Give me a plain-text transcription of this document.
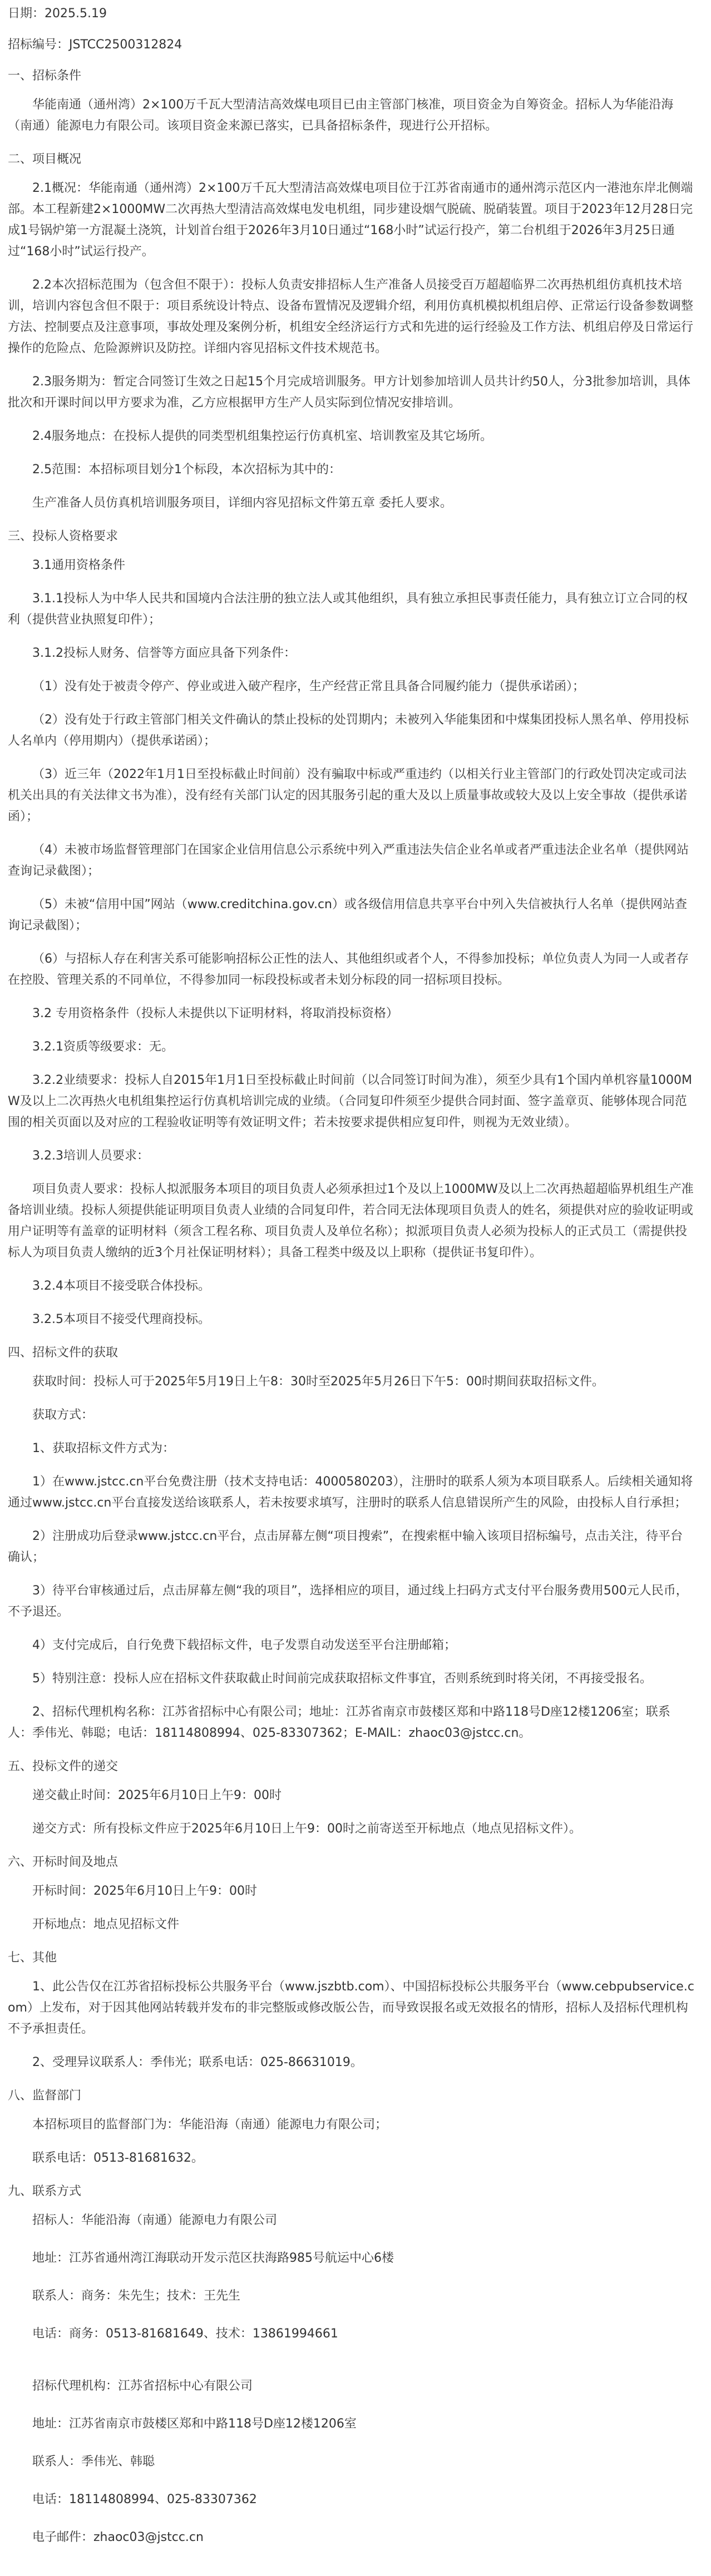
日期：2025.5.19

招标编号：JSTCC2500312824

一、招标条件

华能南通（通州湾）2×100万千瓦大型清洁高效煤电项目已由主管部门核准，项目资金为自筹资金。招标人为华能沿海（南通）能源电力有限公司。该项目资金来源已落实，已具备招标条件，现进行公开招标。

二、项目概况

2.1概况：华能南通（通州湾）2×100万千瓦大型清洁高效煤电项目位于江苏省南通市的通州湾示范区内一港池东岸北侧端部。本工程新建2×1000MW二次再热大型清洁高效煤电发电机组，同步建设烟气脱硫、脱硝装置。项目于2023年12月28日完成1号锅炉第一方混凝土浇筑，计划首台组于2026年3月10日通过“168小时”试运行投产，第二台机组于2026年3月25日通过“168小时”试运行投产。

2.2本次招标范围为（包含但不限于）：投标人负责安排招标人生产准备人员接受百万超超临界二次再热机组仿真机技术培训，培训内容包含但不限于：项目系统设计特点、设备布置情况及逻辑介绍，利用仿真机模拟机组启停、正常运行设备参数调整方法、控制要点及注意事项，事故处理及案例分析，机组安全经济运行方式和先进的运行经验及工作方法、机组启停及日常运行操作的危险点、危险源辨识及防控。详细内容见招标文件技术规范书。

2.3服务期为：暂定合同签订生效之日起15个月完成培训服务。甲方计划参加培训人员共计约50人，分3批参加培训，具体批次和开课时间以甲方要求为准，乙方应根据甲方生产人员实际到位情况安排培训。

2.4服务地点：在投标人提供的同类型机组集控运行仿真机室、培训教室及其它场所。

2.5范围：本招标项目划分1个标段，本次招标为其中的：

生产准备人员仿真机培训服务项目，详细内容见招标文件第五章 委托人要求。

三、投标人资格要求

3.1通用资格条件

3.1.1投标人为中华人民共和国境内合法注册的独立法人或其他组织，具有独立承担民事责任能力，具有独立订立合同的权利（提供营业执照复印件）；

3.1.2投标人财务、信誉等方面应具备下列条件：

（1）没有处于被责令停产、停业或进入破产程序，生产经营正常且具备合同履约能力（提供承诺函）；

（2）没有处于行政主管部门相关文件确认的禁止投标的处罚期内；未被列入华能集团和中煤集团投标人黑名单、停用投标人名单内（停用期内）（提供承诺函）；

（3）近三年（2022年1月1日至投标截止时间前）没有骗取中标或严重违约（以相关行业主管部门的行政处罚决定或司法机关出具的有关法律文书为准），没有经有关部门认定的因其服务引起的重大及以上质量事故或较大及以上安全事故（提供承诺函）；

（4）未被市场监督管理部门在国家企业信用信息公示系统中列入严重违法失信企业名单或者严重违法企业名单（提供网站查询记录截图）；

（5）未被“信用中国”网站（www.creditchina.gov.cn）或各级信用信息共享平台中列入失信被执行人名单（提供网站查询记录截图）；

（6）与招标人存在利害关系可能影响招标公正性的法人、其他组织或者个人，不得参加投标；单位负责人为同一人或者存在控股、管理关系的不同单位，不得参加同一标段投标或者未划分标段的同一招标项目投标。

3.2 专用资格条件（投标人未提供以下证明材料，将取消投标资格）

3.2.1资质等级要求：无。

3.2.2业绩要求：投标人自2015年1月1日至投标截止时间前（以合同签订时间为准），须至少具有1个国内单机容量1000MW及以上二次再热火电机组集控运行仿真机培训完成的业绩。（合同复印件须至少提供合同封面、签字盖章页、能够体现合同范围的相关页面以及对应的工程验收证明等有效证明文件；若未按要求提供相应复印件，则视为无效业绩）。

3.2.3培训人员要求：

项目负责人要求：投标人拟派服务本项目的项目负责人必须承担过1个及以上1000MW及以上二次再热超超临界机组生产准备培训业绩。投标人须提供能证明项目负责人业绩的合同复印件，若合同无法体现项目负责人的姓名，须提供对应的验收证明或用户证明等有盖章的证明材料（须含工程名称、项目负责人及单位名称）；拟派项目负责人必须为投标人的正式员工（需提供投标人为项目负责人缴纳的近3个月社保证明材料）；具备工程类中级及以上职称（提供证书复印件）。

3.2.4本项目不接受联合体投标。

3.2.5本项目不接受代理商投标。

四、招标文件的获取

获取时间：投标人可于2025年5月19日上午8：30时至2025年5月26日下午5：00时期间获取招标文件。

获取方式：

1、获取招标文件方式为：

1）在www.jstcc.cn平台免费注册（技术支持电话：4000580203），注册时的联系人须为本项目联系人。后续相关通知将通过www.jstcc.cn平台直接发送给该联系人，若未按要求填写，注册时的联系人信息错误所产生的风险，由投标人自行承担；

2）注册成功后登录www.jstcc.cn平台，点击屏幕左侧“项目搜索”，在搜索框中输入该项目招标编号，点击关注，待平台确认；

3）待平台审核通过后，点击屏幕左侧“我的项目”，选择相应的项目，通过线上扫码方式支付平台服务费用500元人民币，不予退还。

4）支付完成后，自行免费下载招标文件，电子发票自动发送至平台注册邮箱；

5）特别注意：投标人应在招标文件获取截止时间前完成获取招标文件事宜，否则系统到时将关闭，不再接受报名。

2、招标代理机构名称：江苏省招标中心有限公司；地址：江苏省南京市鼓楼区郑和中路118号D座12楼1206室；联系人：季伟光、韩聪；电话：18114808994、025-83307362；E-MAIL：zhaoc03@jstcc.cn。

五、投标文件的递交

递交截止时间：2025年6月10日上午9：00时

递交方式：所有投标文件应于2025年6月10日上午9：00时之前寄送至开标地点（地点见招标文件）。

六、开标时间及地点

开标时间：2025年6月10日上午9：00时

开标地点：地点见招标文件

七、其他

1、此公告仅在江苏省招标投标公共服务平台（www.jszbtb.com）、中国招标投标公共服务平台（www.cebpubservice.com）上发布，对于因其他网站转载并发布的非完整版或修改版公告，而导致误报名或无效报名的情形，招标人及招标代理机构不予承担责任。

2、受理异议联系人：季伟光；联系电话：025-86631019。

八、监督部门

本招标项目的监督部门为：华能沿海（南通）能源电力有限公司；

联系电话：0513-81681632。

九、联系方式

招标人：华能沿海（南通）能源电力有限公司

地址：江苏省通州湾江海联动开发示范区扶海路985号航运中心6楼

联系人：商务：朱先生；技术：王先生

电话：商务：0513-81681649、技术：13861994661

招标代理机构：江苏省招标中心有限公司

地址：江苏省南京市鼓楼区郑和中路118号D座12楼1206室

联系人：季伟光、韩聪

电话：18114808994、025-83307362

电子邮件：zhaoc03@jstcc.cn
